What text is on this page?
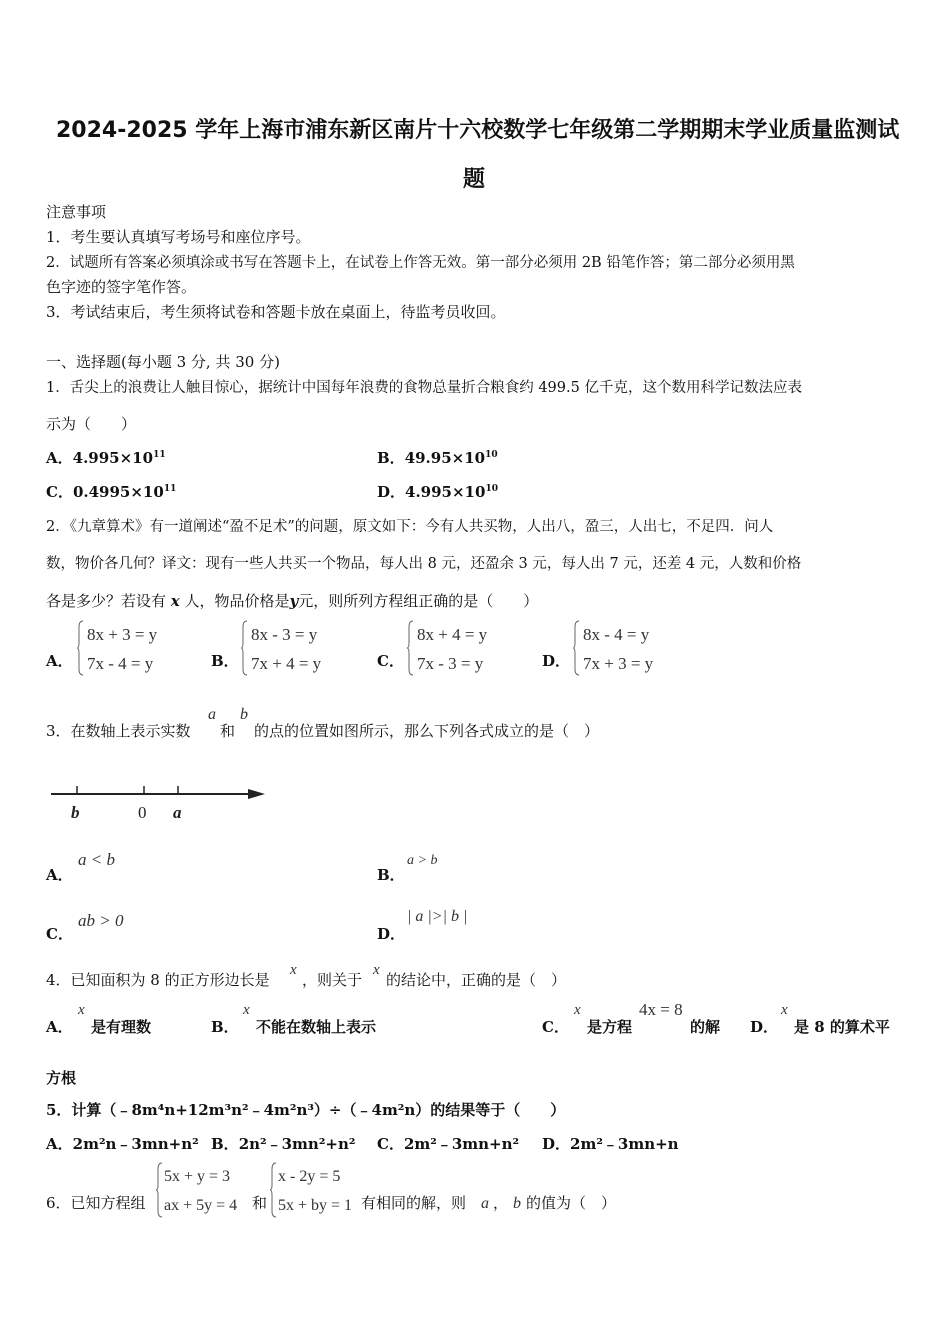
2024-2025 学年上海市浦东新区南片十六校数学七年级第二学期期末学业质量监测试
题
注意事项
1．考生要认真填写考场号和座位序号。
2．试题所有答案必须填涂或书写在答题卡上，在试卷上作答无效。第一部分必须用 2B 铅笔作答；第二部分必须用黑
色字迹的签字笔作答。
3．考试结束后，考生须将试卷和答题卡放在桌面上，待监考员收回。
一、选择题(每小题 3 分, 共 30 分)
1．舌尖上的浪费让人触目惊心，据统计中国每年浪费的食物总量折合粮食约 499.5 亿千克，这个数用科学记数法应表
示为（　　）
A．$4.995\times 10^{11}$	B．$49.95\times 10^{10}$
C．$0.4995\times 10^{11}$	D．$4.995\times 10^{10}$
2．《九章算术》有一道阐述“盈不足术”的问题，原文如下：今有人共买物，人出八，盈三，人出七，不足四．问人
数，物价各几何？译文：现有一些人共买一个物品，每人出 8 元，还盈余 3 元，每人出 7 元，还差 4 元，人数和价格
各是多少？若设有 x 人，物品价格是y元，则所列方程组正确的是（　　）
A．
8x + 3 = y
7x - 4 = y	B．
8x - 3 = y
7x + 4 = y	C．
8x + 4 = y
7x - 3 = y	D．
8x - 4 = y
7x + 3 = y
3．在数轴上表示实数
a
和
b
的点的位置如图所示，那么下列各式成立的是（　）
b	0 a
A．
a < b
B．
a > b
C．
ab > 0
D．
| a |>| b |
4．已知面积为 8 的正方形边长是
x
，则关于
x
的结论中，正确的是（　）
A．
x
是有理数	B．
x
不能在数轴上表示	C．
x
是方程
4x = 8
的解 D．
x
是 8 的算术平
方根
5．计算（﹣8m⁴n+12m³n²﹣4m²n³）÷（﹣4m²n）的结果等于（　　）
A．2m²n﹣3mn+n² B．2n²﹣3mn²+n² C．2m²﹣3mn+n² D．2m²﹣3mn+n
6．已知方程组
5x + y = 3
ax + 5y = 4 和
x - 2y = 5
5x + by = 1 有相同的解，则 a ， b 的值为（　）
